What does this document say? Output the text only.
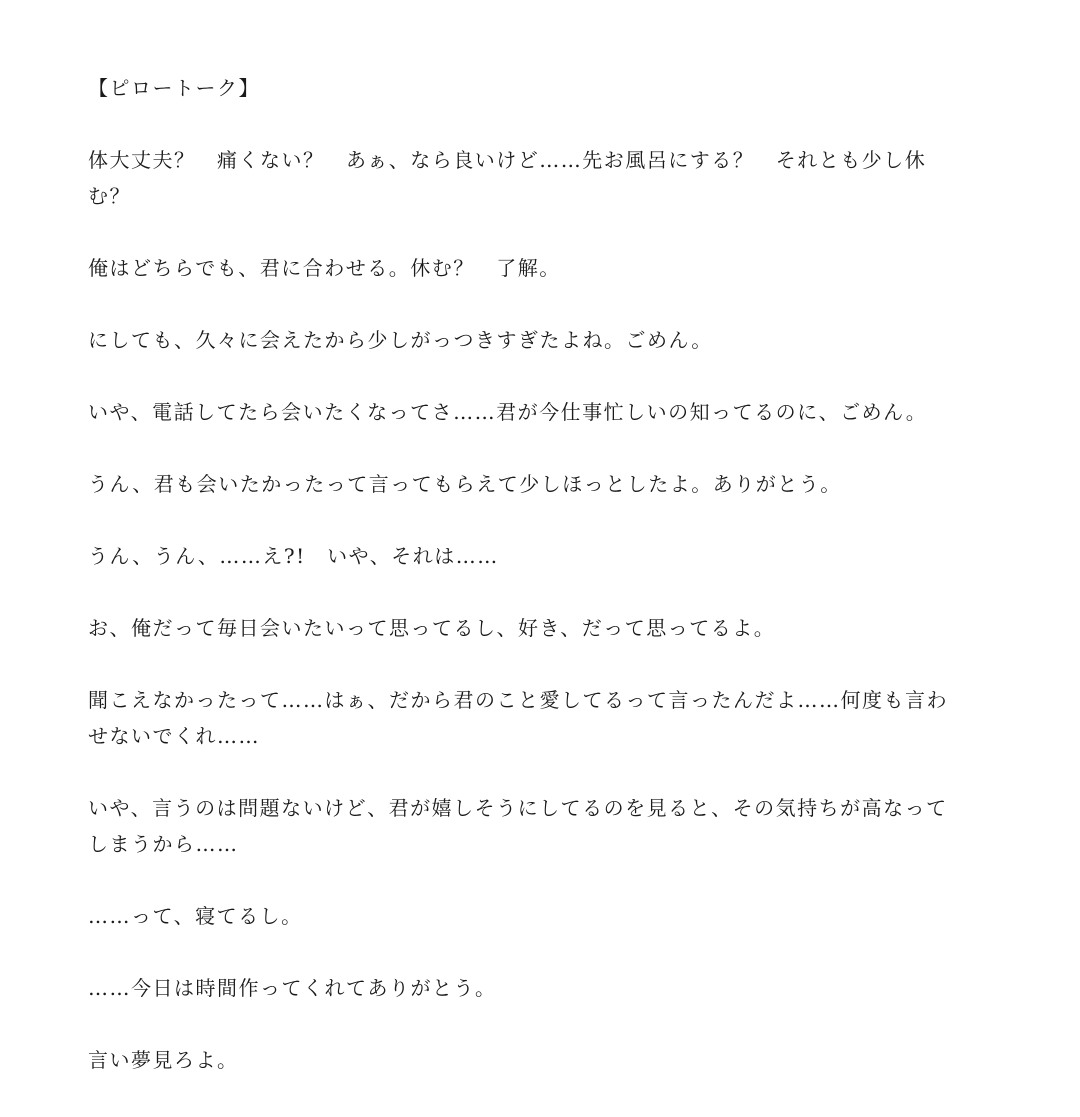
【ピロートーク】

体大丈夫？　痛くない？　あぁ、なら良いけど……先お風呂にする？　それとも少し休む？

俺はどちらでも、君に合わせる。休む？　了解。

にしても、久々に会えたから少しがっつきすぎたよね。ごめん。

いや、電話してたら会いたくなってさ……君が今仕事忙しいの知ってるのに、ごめん。

うん、君も会いたかったって言ってもらえて少しほっとしたよ。ありがとう。

うん、うん、……え?!　いや、それは……

お、俺だって毎日会いたいって思ってるし、好き、だって思ってるよ。

聞こえなかったって……はぁ、だから君のこと愛してるって言ったんだよ……何度も言わせないでくれ……

いや、言うのは問題ないけど、君が嬉しそうにしてるのを見ると、その気持ちが高なってしまうから……

……って、寝てるし。

……今日は時間作ってくれてありがとう。

言い夢見ろよ。
